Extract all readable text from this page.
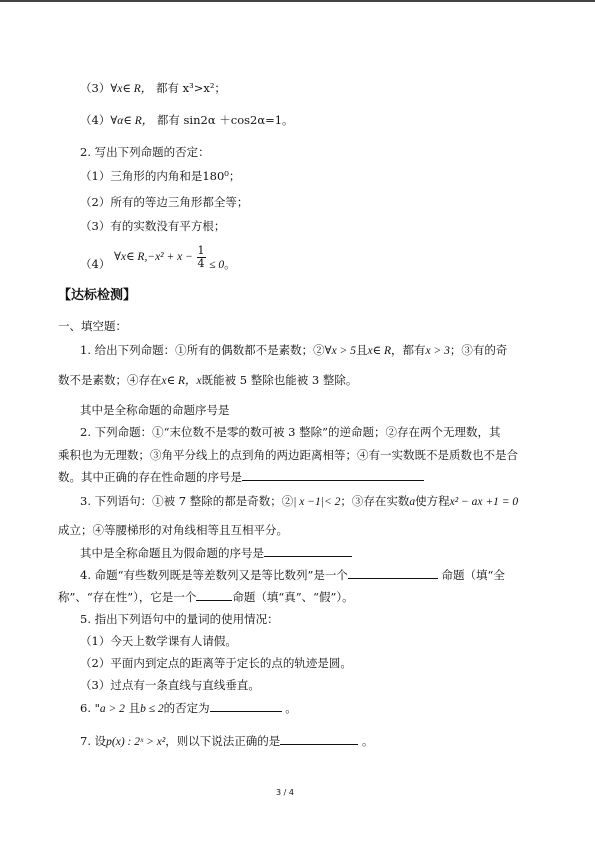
（3）∀x∈ R， 都有 x³>x²；
（4）∀α∈ R， 都有 sin2α ＋cos2α=1。
2. 写出下列命题的否定：
（1）三角形的内角和是180⁰；
（2）所有的等边三角形都全等；
（3）有的实数没有平方根；
（4） ∀x∈ $R,-x^2 + x - \frac{1}{4} \le 0$。
【达标检测】
一、填空题：
1. 给出下列命题：①所有的偶数都不是素数；②∀x > 5且x∈ R，都有x > 3；③有的奇
数不是素数；④存在x∈ R，x既能被 5 整除也能被 3 整除。
其中是全称命题的命题序号是
2. 下列命题：①“末位数不是零的数可被 3 整除”的逆命题；②存在两个无理数，其
乘积也为无理数；③角平分线上的点到角的两边距离相等；④有一实数既不是质数也不是合
数。其中正确的存在性命题的序号是
3. 下列语句：①被 7 整除的都是奇数；②| x −1|< 2；③存在实数a使方程x² − ax +1 = 0
成立；④等腰梯形的对角线相等且互相平分。
其中是全称命题且为假命题的序号是
4. 命题“有些数列既是等差数列又是等比数列”是一个	命题（填“全
称”、“存在性”），它是一个	命题（填“真”、“假”）。
5. 指出下列语句中的量词的使用情况：
（1）今天上数学课有人请假。
（2）平面内到定点的距离等于定长的点的轨迹是圆。
（3）过点有一条直线与直线垂直。
6. "a > 2 且b ≤ 2的否定为	。
7. 设p(x) : 2ˣ > x²，则以下说法正确的是	。
3 / 4
